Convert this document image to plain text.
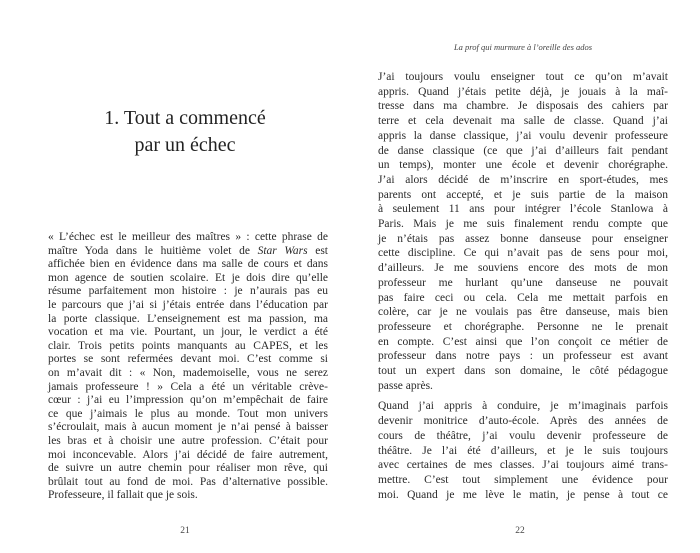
1. Tout a commencé
par un échec
« L’échec est le meilleur des maîtres » : cette phrase de
maître Yoda dans le huitième volet de Star Wars est
affichée bien en évidence dans ma salle de cours et dans
mon agence de soutien scolaire. Et je dois dire qu’elle
résume parfaitement mon histoire : je n’aurais pas eu
le parcours que j’ai si j’étais entrée dans l’éducation par
la porte classique. L’enseignement est ma passion, ma
vocation et ma vie. Pourtant, un jour, le verdict a été
clair. Trois petits points manquants au CAPES, et les
portes se sont refermées devant moi. C’est comme si
on m’avait dit : « Non, mademoiselle, vous ne serez
jamais professeure ! » Cela a été un véritable crève-
cœur : j’ai eu l’impression qu’on m’empêchait de faire
ce que j’aimais le plus au monde. Tout mon univers
s’écroulait, mais à aucun moment je n’ai pensé à baisser
les bras et à choisir une autre profession. C’était pour
moi inconcevable. Alors j’ai décidé de faire autrement,
de suivre un autre chemin pour réaliser mon rêve, qui
brûlait tout au fond de moi. Pas d’alternative possible.
Professeure, il fallait que je sois.
21
La prof qui murmure à l’oreille des ados
J’ai toujours voulu enseigner tout ce qu’on m’avait
appris. Quand j’étais petite déjà, je jouais à la maî-
tresse dans ma chambre. Je disposais des cahiers par
terre et cela devenait ma salle de classe. Quand j’ai
appris la danse classique, j’ai voulu devenir professeure
de danse classique (ce que j’ai d’ailleurs fait pendant
un temps), monter une école et devenir chorégraphe.
J’ai alors décidé de m’inscrire en sport-études, mes
parents ont accepté, et je suis partie de la maison
à seulement 11 ans pour intégrer l’école Stanlowa à
Paris. Mais je me suis finalement rendu compte que
je n’étais pas assez bonne danseuse pour enseigner
cette discipline. Ce qui n’avait pas de sens pour moi,
d’ailleurs. Je me souviens encore des mots de mon
professeur me hurlant qu’une danseuse ne pouvait
pas faire ceci ou cela. Cela me mettait parfois en
colère, car je ne voulais pas être danseuse, mais bien
professeure et chorégraphe. Personne ne le prenait
en compte. C’est ainsi que l’on conçoit ce métier de
professeur dans notre pays : un professeur est avant
tout un expert dans son domaine, le côté pédagogue
passe après.
Quand j’ai appris à conduire, je m’imaginais parfois
devenir monitrice d’auto-école. Après des années de
cours de théâtre, j’ai voulu devenir professeure de
théâtre. Je l’ai été d’ailleurs, et je le suis toujours
avec certaines de mes classes. J’ai toujours aimé trans-
mettre. C’est tout simplement une évidence pour
moi. Quand je me lève le matin, je pense à tout ce
22
